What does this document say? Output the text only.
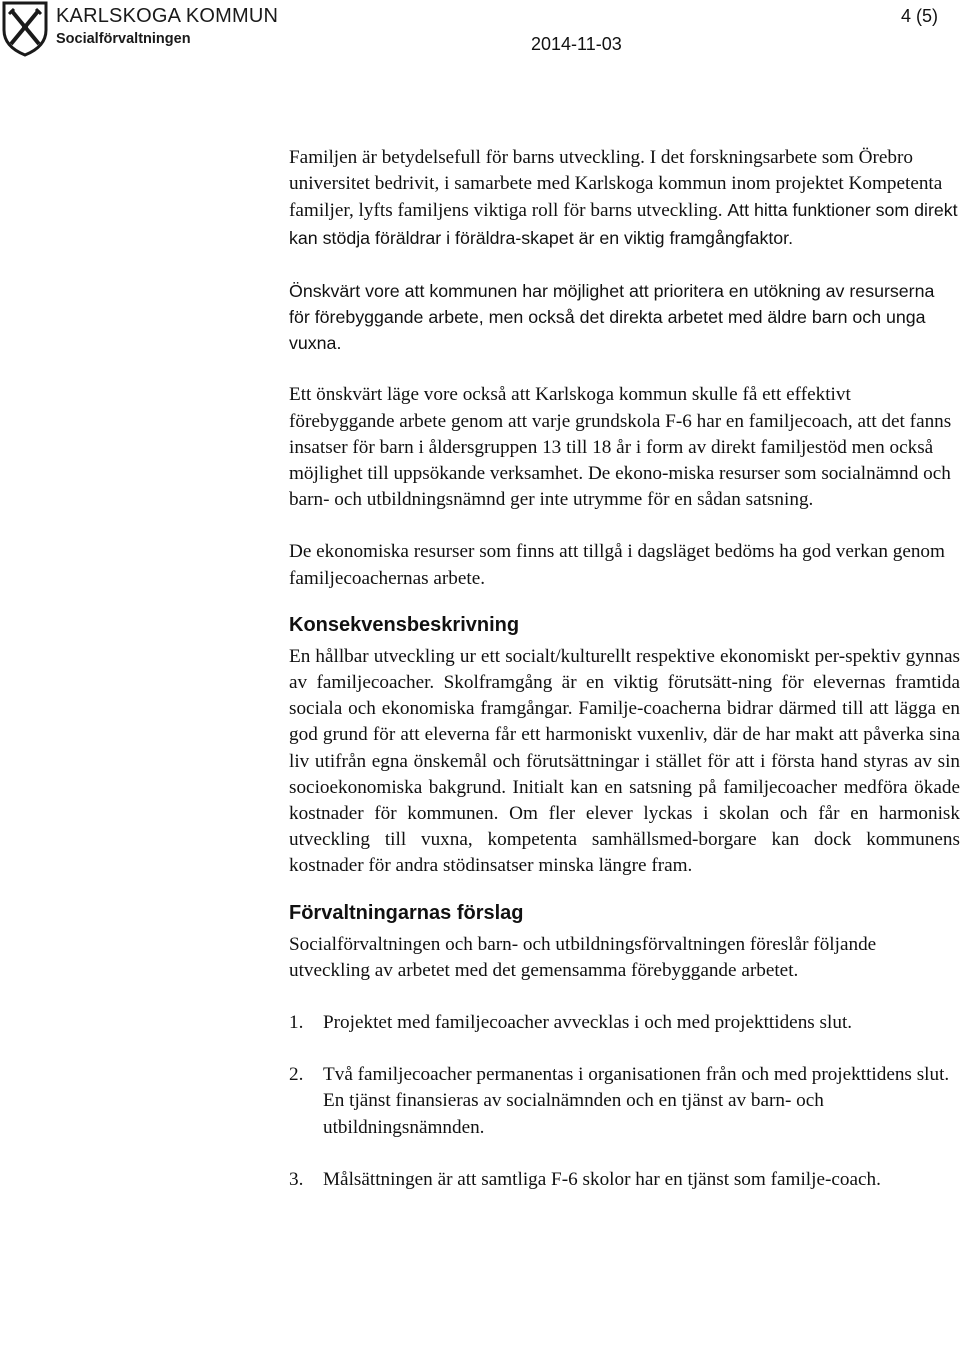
KARLSKOGA KOMMUN
Socialförvaltningen
4 (5)
2014-11-03

Familjen är betydelsefull för barns utveckling. I det forskningsarbete som Örebro universitet bedrivit, i samarbete med Karlskoga kommun inom projektet Kompetenta familjer, lyfts familjens viktiga roll för barns utveckling. Att hitta funktioner som direkt kan stödja föräldrar i föräldra-skapet är en viktig framgångfaktor.

Önskvärt vore att kommunen har möjlighet att prioritera en utökning av resurserna för förebyggande arbete, men också det direkta arbetet med äldre barn och unga vuxna.

Ett önskvärt läge vore också att Karlskoga kommun skulle få ett effektivt förebyggande arbete genom att varje grundskola F-6 har en familjecoach, att det fanns insatser för barn i åldersgruppen 13 till 18 år i form av direkt familjestöd men också möjlighet till uppsökande verksamhet. De ekono-miska resurser som socialnämnd och barn- och utbildningsnämnd ger inte utrymme för en sådan satsning.

De ekonomiska resurser som finns att tillgå i dagsläget bedöms ha god verkan genom familjecoachernas arbete.

Konsekvensbeskrivning

En hållbar utveckling ur ett socialt/kulturellt respektive ekonomiskt per-spektiv gynnas av familjecoacher. Skolframgång är en viktig förutsätt-ning för elevernas framtida sociala och ekonomiska framgångar. Familje-coacherna bidrar därmed till att lägga en god grund för att eleverna får ett harmoniskt vuxenliv, där de har makt att påverka sina liv utifrån egna önskemål och förutsättningar i stället för att i första hand styras av sin socioekonomiska bakgrund. Initialt kan en satsning på familjecoacher medföra ökade kostnader för kommunen. Om fler elever lyckas i skolan och får en harmonisk utveckling till vuxna, kompetenta samhällsmed-borgare kan dock kommunens kostnader för andra stödinsatser minska längre fram.

Förvaltningarnas förslag

Socialförvaltningen och barn- och utbildningsförvaltningen föreslår följande utveckling av arbetet med det gemensamma förebyggande arbetet.

1.	Projektet med familjecoacher avvecklas i och med projekttidens slut.
2.	Två familjecoacher permanentas i organisationen från och med projekttidens slut. En tjänst finansieras av socialnämnden och en tjänst av barn- och utbildningsnämnden.
3.	Målsättningen är att samtliga F-6 skolor har en tjänst som familje-coach.
